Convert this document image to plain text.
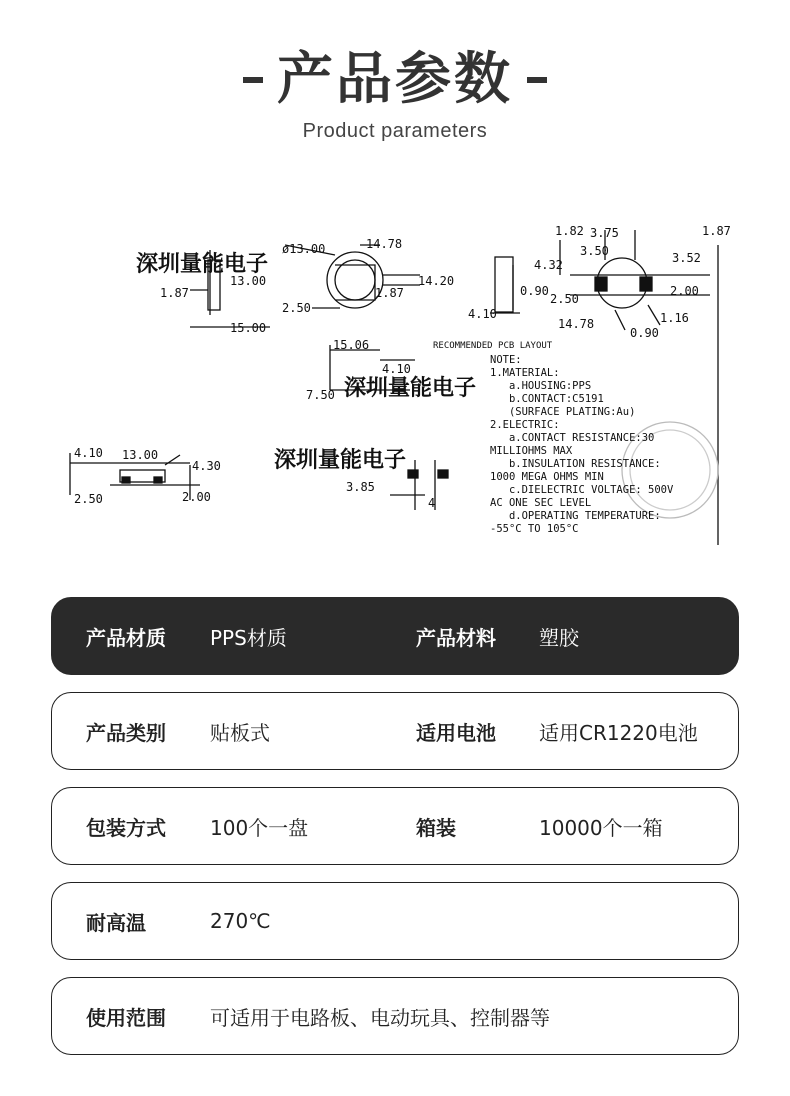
产品参数
Product parameters
ø13.00	14.78
13.00	14.20
1.87	1.87
2.50
15.00
4.10
0.90
3.75
3.50
1.82
4.32	3.52
1.87
2.50
2.00
14.78	1.16
0.90
15.06
4.10
7.50
4.10 13.00
4.30
2.50	2.00
3.85
4
RECOMMENDED PCB LAYOUT
NOTE:
1.MATERIAL:
a.HOUSING:PPS
b.CONTACT:C5191
(SURFACE PLATING:Au)
2.ELECTRIC:
a.CONTACT RESISTANCE:30
MILLIOHMS MAX
b.INSULATION RESISTANCE:
1000 MEGA OHMS MIN
c.DIELECTRIC VOLTAGE: 500V
AC ONE SEC LEVEL
d.OPERATING TEMPERATURE:
-55°C TO 105°C
深圳量能电子
深圳量能电子
深圳量能电子
产品材质 PPS材质	产品材料 塑胶
产品类别 贴板式	适用电池 适用CR1220电池
包装方式 100个一盘	箱装	10000个一箱
耐高温	270℃
使用范围 可适用于电路板、电动玩具、控制器等
